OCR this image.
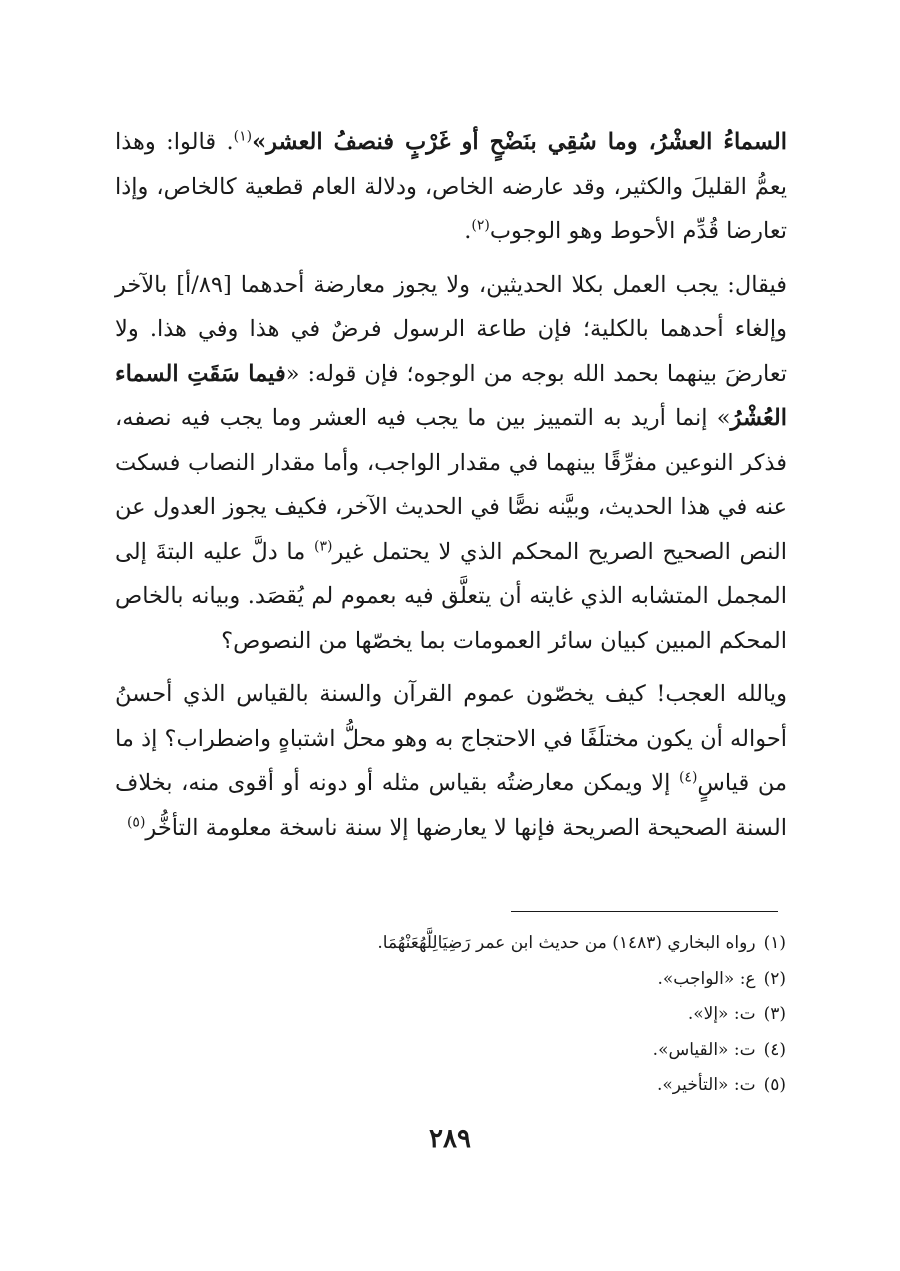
السماءُ العشْرُ، وما سُقِي بنَضْحٍ أو غَرْبٍ فنصفُ العشر»$^{(١)}$. قالوا: وهذا يعمُّ القليلَ والكثير، وقد عارضه الخاص، ودلالة العام قطعية كالخاص، وإذا تعارضا قُدِّم الأحوط وهو الوجوب$^{(٢)}$.

فيقال: يجب العمل بكلا الحديثين، ولا يجوز معارضة أحدهما [٨٩/أ] بالآخر وإلغاء أحدهما بالكلية؛ فإن طاعة الرسول فرضٌ في هذا وفي هذا. ولا تعارضَ بينهما بحمد الله بوجه من الوجوه؛ فإن قوله: «فيما سَقَتِ السماء العُشْرُ» إنما أريد به التمييز بين ما يجب فيه العشر وما يجب فيه نصفه، فذكر النوعين مفرِّقًا بينهما في مقدار الواجب، وأما مقدار النصاب فسكت عنه في هذا الحديث، وبيَّنه نصًّا في الحديث الآخر، فكيف يجوز العدول عن النص الصحيح الصريح المحكم الذي لا يحتمل غير$^{(٣)}$ ما دلَّ عليه البتةَ إلى المجمل المتشابه الذي غايته أن يتعلَّق فيه بعموم لم يُقصَد. وبيانه بالخاص المحكم المبين كبيان سائر العمومات بما يخصّها من النصوص؟

ويالله العجب! كيف يخصّون عموم القرآن والسنة بالقياس الذي أحسنُ أحواله أن يكون مختلَفًا في الاحتجاج به وهو محلُّ اشتباهٍ واضطراب؟ إذ ما من قياسٍ$^{(٤)}$ إلا ويمكن معارضتُه بقياس مثله أو دونه أو أقوى منه، بخلاف السنة الصحيحة الصريحة فإنها لا يعارضها إلا سنة ناسخة معلومة التأخُّر$^{(٥)}$

(١)رواه البخاري (١٤٨٣) من حديث ابن عمر رَضِيَالِلَّهُعَنْهُمَا.
(٢)ع: «الواجب».
(٣)ت: «إلا».
(٤)ت: «القياس».
(٥)ت: «التأخير».
٢٨٩
